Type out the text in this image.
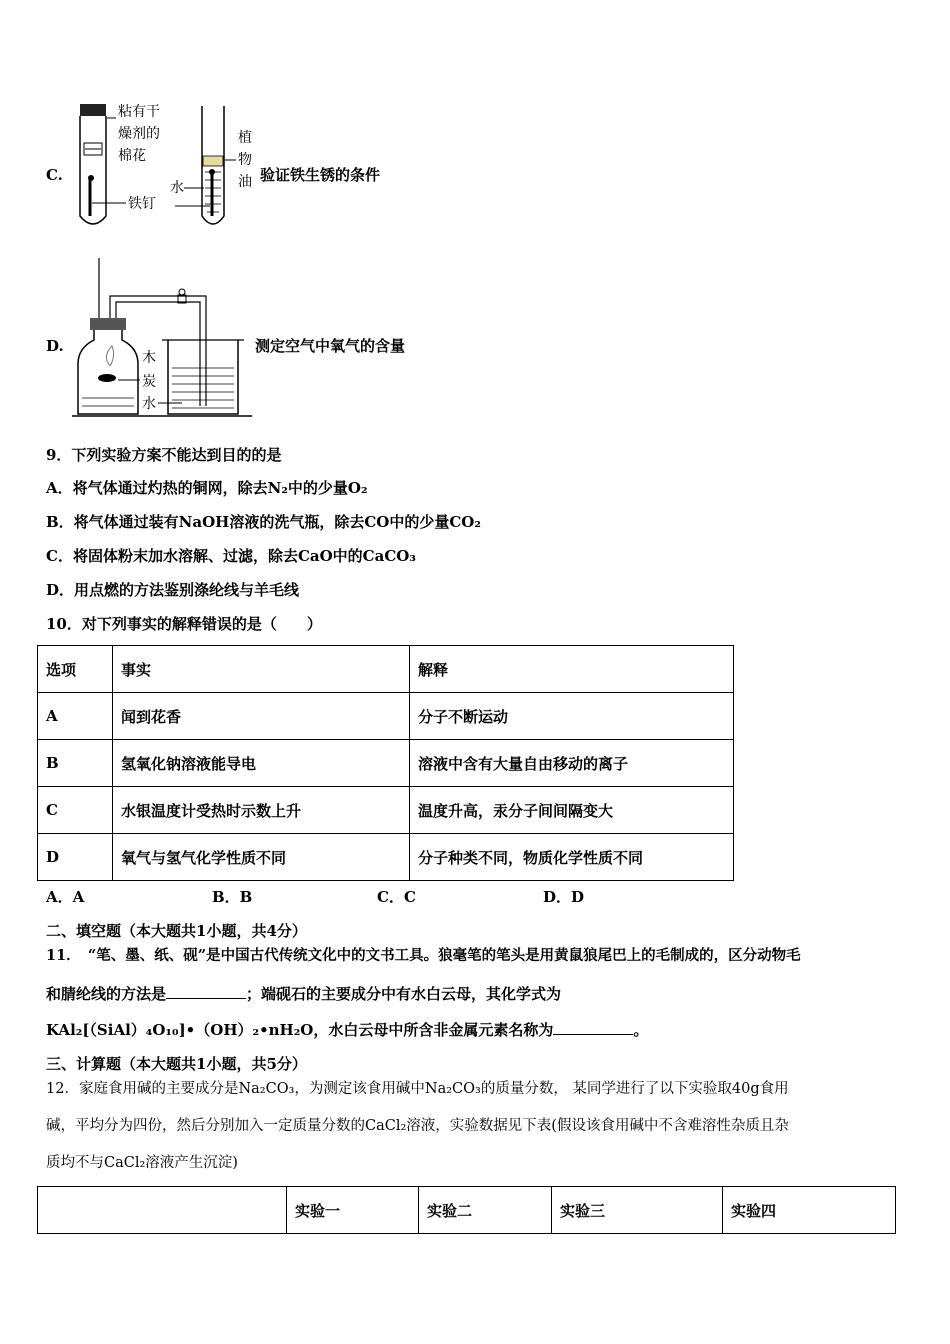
C.
粘有干
燥剂的
棉花
铁钉
植
物
油
水
验证铁生锈的条件
D.
木
炭
水
测定空气中氧气的含量
9．下列实验方案不能达到目的的是
A．将气体通过灼热的铜网，除去N₂中的少量O₂
B．将气体通过装有NaOH溶液的洗气瓶，除去CO中的少量CO₂
C．将固体粉末加水溶解、过滤，除去CaO中的CaCO₃
D．用点燃的方法鉴别涤纶线与羊毛线
10．对下列事实的解释错误的是（　　）
选项	事实	解释
A	闻到花香	分子不断运动
B	氢氧化钠溶液能导电	溶液中含有大量自由移动的离子
C	水银温度计受热时示数上升	温度升高，汞分子间间隔变大
D	氧气与氢气化学性质不同	分子种类不同，物质化学性质不同
A．A	B．B	C．C	D．D
二、填空题（本大题共1小题，共4分）
11．　“笔、墨、纸、砚”是中国古代传统文化中的文书工具。狼毫笔的笔头是用黄鼠狼尾巴上的毛制成的，区分动物毛
和腈纶线的方法是	；端砚石的主要成分中有水白云母，其化学式为
KAl₂[（SiAl）₄O₁₀]•（OH）₂•nH₂O，水白云母中所含非金属元素名称为	。
三、计算题（本大题共1小题，共5分）
12．家庭食用碱的主要成分是Na₂CO₃，为测定该食用碱中Na₂CO₃的质量分数， 某同学进行了以下实验取40g食用
碱，平均分为四份，然后分别加入一定质量分数的CaCl₂溶液，实验数据见下表(假设该食用碱中不含难溶性杂质且杂
质均不与CaCl₂溶液产生沉淀)
	实验一	实验二	实验三	实验四
